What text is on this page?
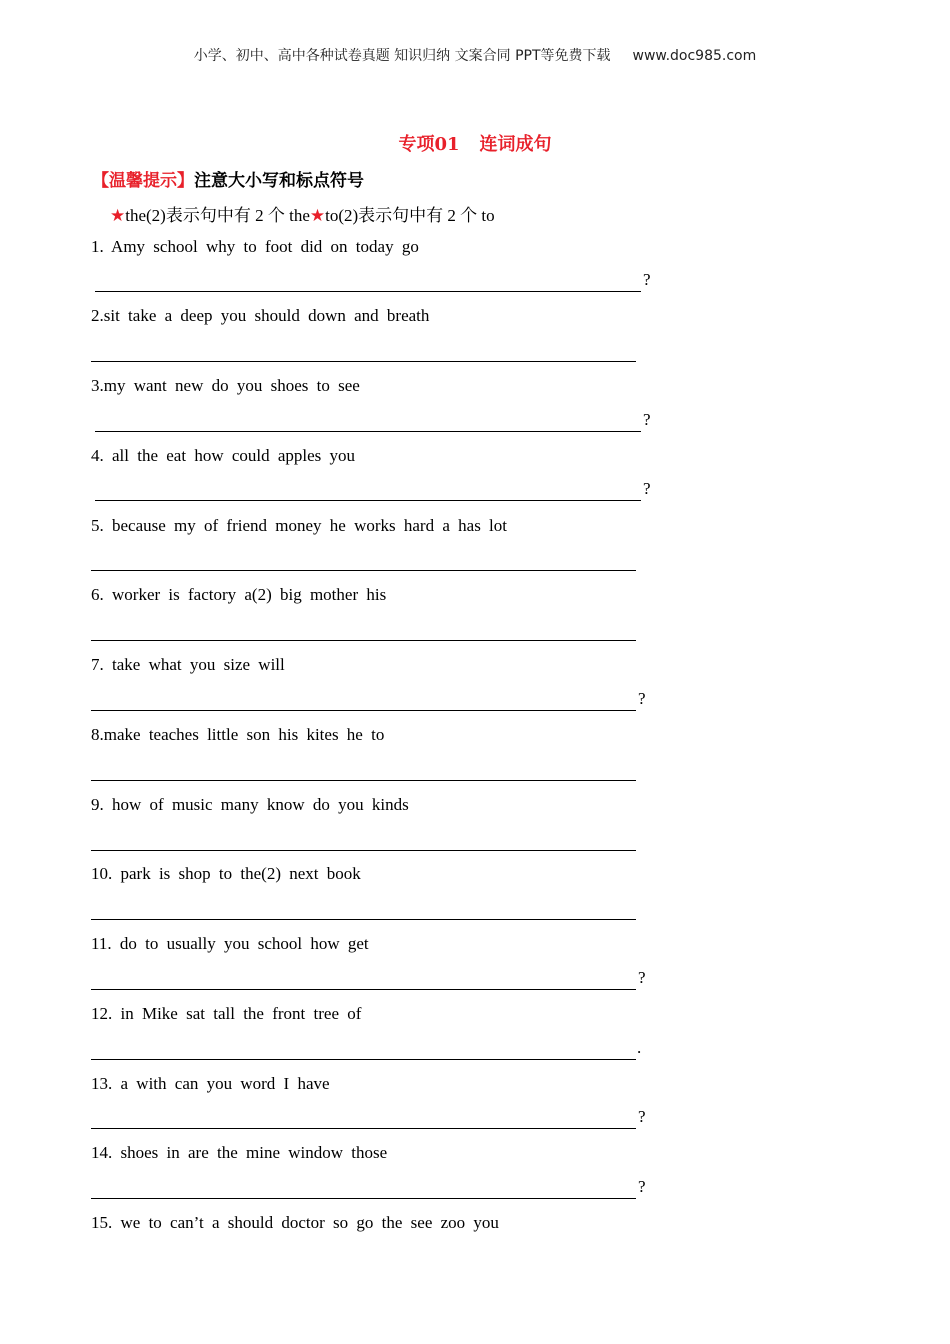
小学、初中、高中各种试卷真题 知识归纳 文案合同 PPT等免费下载 www.doc985.com
专项01 连词成句
【温馨提示】注意大小写和标点符号
★the(2)表示句中有 2 个 the★to(2)表示句中有 2 个 to
1. Amy school why to foot did on today go
?
2.sit take a deep you should down and breath
3.my want new do you shoes to see
?
4. all the eat how could apples you
?
5. because my of friend money he works hard a has lot
6. worker is factory a(2) big mother his
7. take what you size will
?
8.make teaches little son his kites he to
9. how of music many know do you kinds
10. park is shop to the(2) next book
11. do to usually you school how get
?
12. in Mike sat tall the front tree of
.
13. a with can you word I have
?
14. shoes in are the mine window those
?
15. we to can’t a should doctor so go the see zoo you
